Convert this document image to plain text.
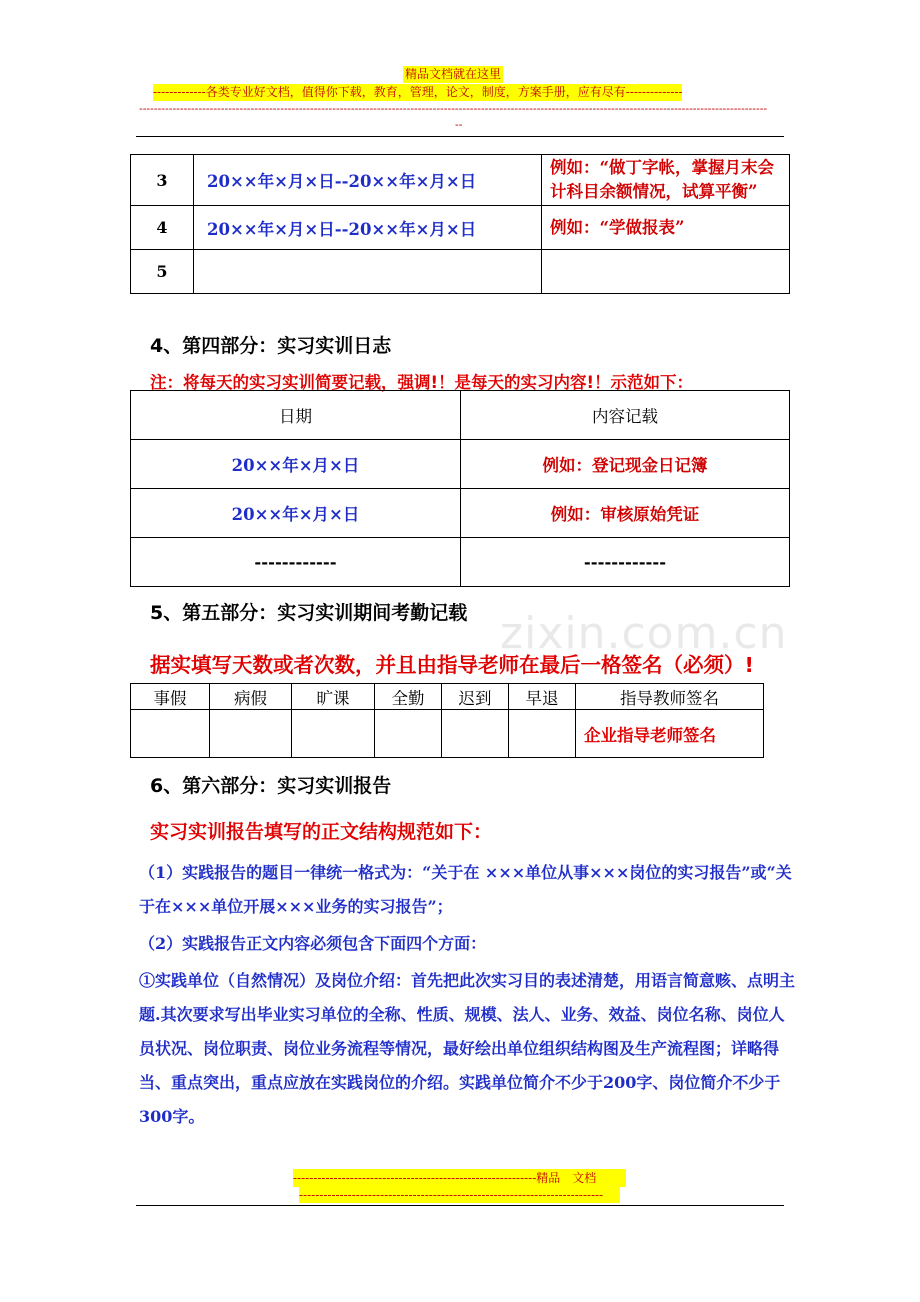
精品文档就在这里
-------------各类专业好文档，值得你下载，教育，管理，论文，制度，方案手册，应有尽有--------------
-------------------------------------------------------------------------------------------------------------------------------------------------------------------------
--
3	20××年×月×日--20××年×月×日	例如：“做丁字帐，掌握月末会计科目余额情况，试算平衡”
4	20××年×月×日--20××年×月×日	例如：“学做报表”
5		
4、第四部分：实习实训日志
注：将每天的实习实训简要记载，强调!！是每天的实习内容!！示范如下：
日期	内容记载
20××年×月×日	例如：登记现金日记簿
20××年×月×日	例如：审核原始凭证
------------	------------
5、第五部分：实习实训期间考勤记载 zixin.com.cn
据实填写天数或者次数，并且由指导老师在最后一格签名（必须）!
事假	病假	旷课	全勤	迟到	早退	指导教师签名
						企业指导老师签名
6、第六部分：实习实训报告
实习实训报告填写的正文结构规范如下：
（1）实践报告的题目一律统一格式为：“关于在 ×××单位从事×××岗位的实习报告”或“关于在×××单位开展×××业务的实习报告”；
（2）实践报告正文内容必须包含下面四个方面：
①实践单位（自然情况）及岗位介绍：首先把此次实习目的表述清楚，用语言简意赅、点明主题.其次要求写出毕业实习单位的全称、性质、规模、法人、业务、效益、岗位名称、岗位人员状况、岗位职责、岗位业务流程等情况，最好绘出单位组织结构图及生产流程图；详略得当、重点突出，重点应放在实践岗位的介绍。实践单位简介不少于200字、岗位简介不少于300字。
------------------------------------------------------------精品　文档
---------------------------------------------------------------------------
